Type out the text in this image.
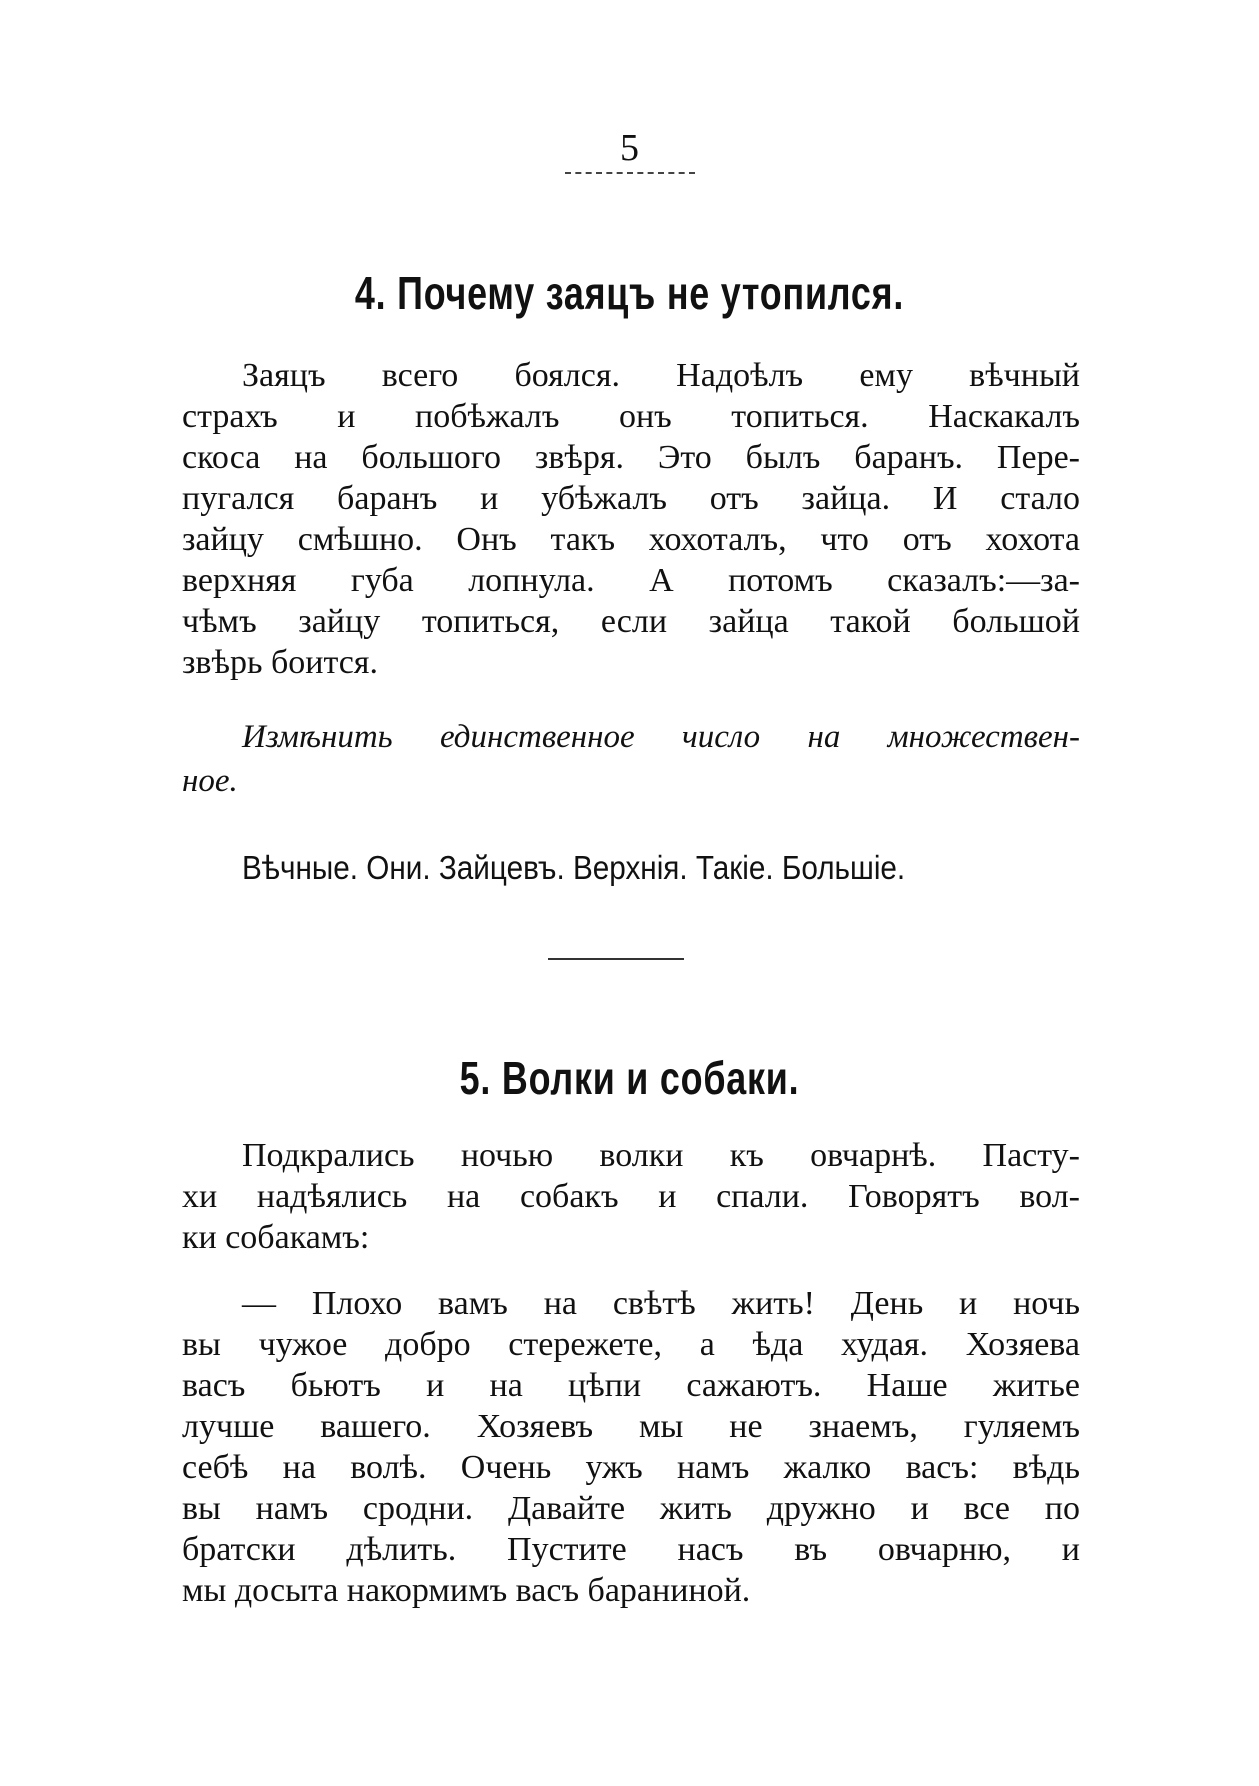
5
4. Почему заяцъ не утопился.
Заяцъ всего боялся. Надоѣлъ ему вѣчный
страхъ и побѣжалъ онъ топиться. Наскакалъ
скоса на большого звѣря. Это былъ баранъ. Пере-
пугался баранъ и убѣжалъ отъ зайца. И стало
зайцу смѣшно. Онъ такъ хохоталъ, что отъ хохота
верхняя губа лопнула. А потомъ сказалъ:—за-
чѣмъ зайцу топиться, если зайца такой большой
звѣрь боится.
Измѣнить единственное число на множествен-
ное.
Вѣчные. Они. Зайцевъ. Верхнія. Такіе. Большіе.
5. Волки и собаки.
Подкрались ночью волки къ овчарнѣ. Пасту-
хи надѣялись на собакъ и спали. Говорятъ вол-
ки собакамъ:
— Плохо вамъ на свѣтѣ жить! День и ночь
вы чужое добро стережете, а ѣда худая. Хозяева
васъ бьютъ и на цѣпи сажаютъ. Наше житье
лучше вашего. Хозяевъ мы не знаемъ, гуляемъ
себѣ на волѣ. Очень ужъ намъ жалко васъ: вѣдь
вы намъ сродни. Давайте жить дружно и все по
братски дѣлить. Пустите насъ въ овчарню, и
мы досыта накормимъ васъ бараниной.
